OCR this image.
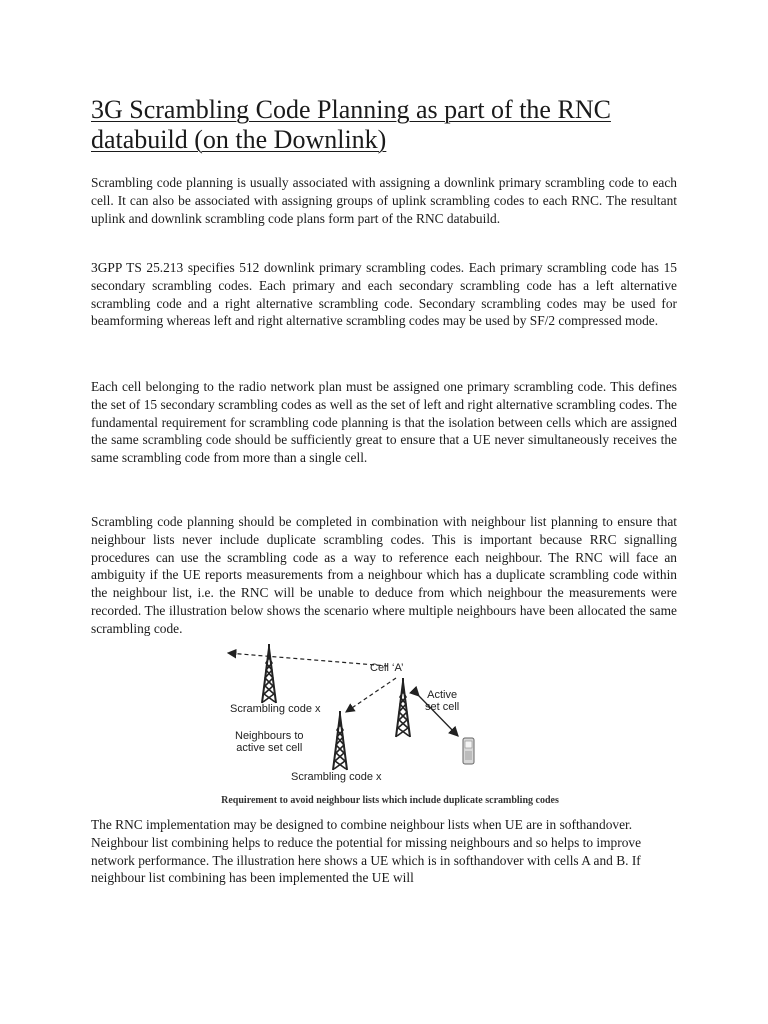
3G Scrambling Code Planning as part of the RNC databuild (on the Downlink)

Scrambling code planning is usually associated with assigning a downlink primary scrambling code to each cell. It can also be associated with assigning groups of uplink scrambling codes to each RNC. The resultant uplink and downlink scrambling code plans form part of the RNC databuild.

3GPP TS 25.213 specifies 512 downlink primary scrambling codes. Each primary scrambling code has 15 secondary scrambling codes. Each primary and each secondary scrambling code has a left alternative scrambling code and a right alternative scrambling code. Secondary scrambling codes may be used for beamforming whereas left and right alternative scrambling codes may be used by SF/2 compressed mode.

Each cell belonging to the radio network plan must be assigned one primary scrambling code. This defines the set of 15 secondary scrambling codes as well as the set of left and right alternative scrambling codes. The fundamental requirement for scrambling code planning is that the isolation between cells which are assigned the same scrambling code should be sufficiently great to ensure that a UE never simultaneously receives the same scrambling code from more than a single cell.

Scrambling code planning should be completed in combination with neighbour list planning to ensure that neighbour lists never include duplicate scrambling codes. This is important because RRC signalling procedures can use the scrambling code as a way to reference each neighbour. The RNC will face an ambiguity if the UE reports measurements from a neighbour which has a duplicate scrambling code within the neighbour list, i.e. the RNC will be unable to deduce from which neighbour the measurements were recorded. The illustration below shows the scenario where multiple neighbours have been allocated the same scrambling code.

Cell ‘A’
Scrambling code x
Active
set cell
Neighbours to
active set cell
Scrambling code x
Requirement to avoid neighbour lists which include duplicate scrambling codes

The RNC implementation may be designed to combine neighbour lists when UE are in softhandover. Neighbour list combining helps to reduce the potential for missing neighbours and so helps to improve network performance. The illustration here shows a UE which is in softhandover with cells A and B. If neighbour list combining has been implemented the UE will
